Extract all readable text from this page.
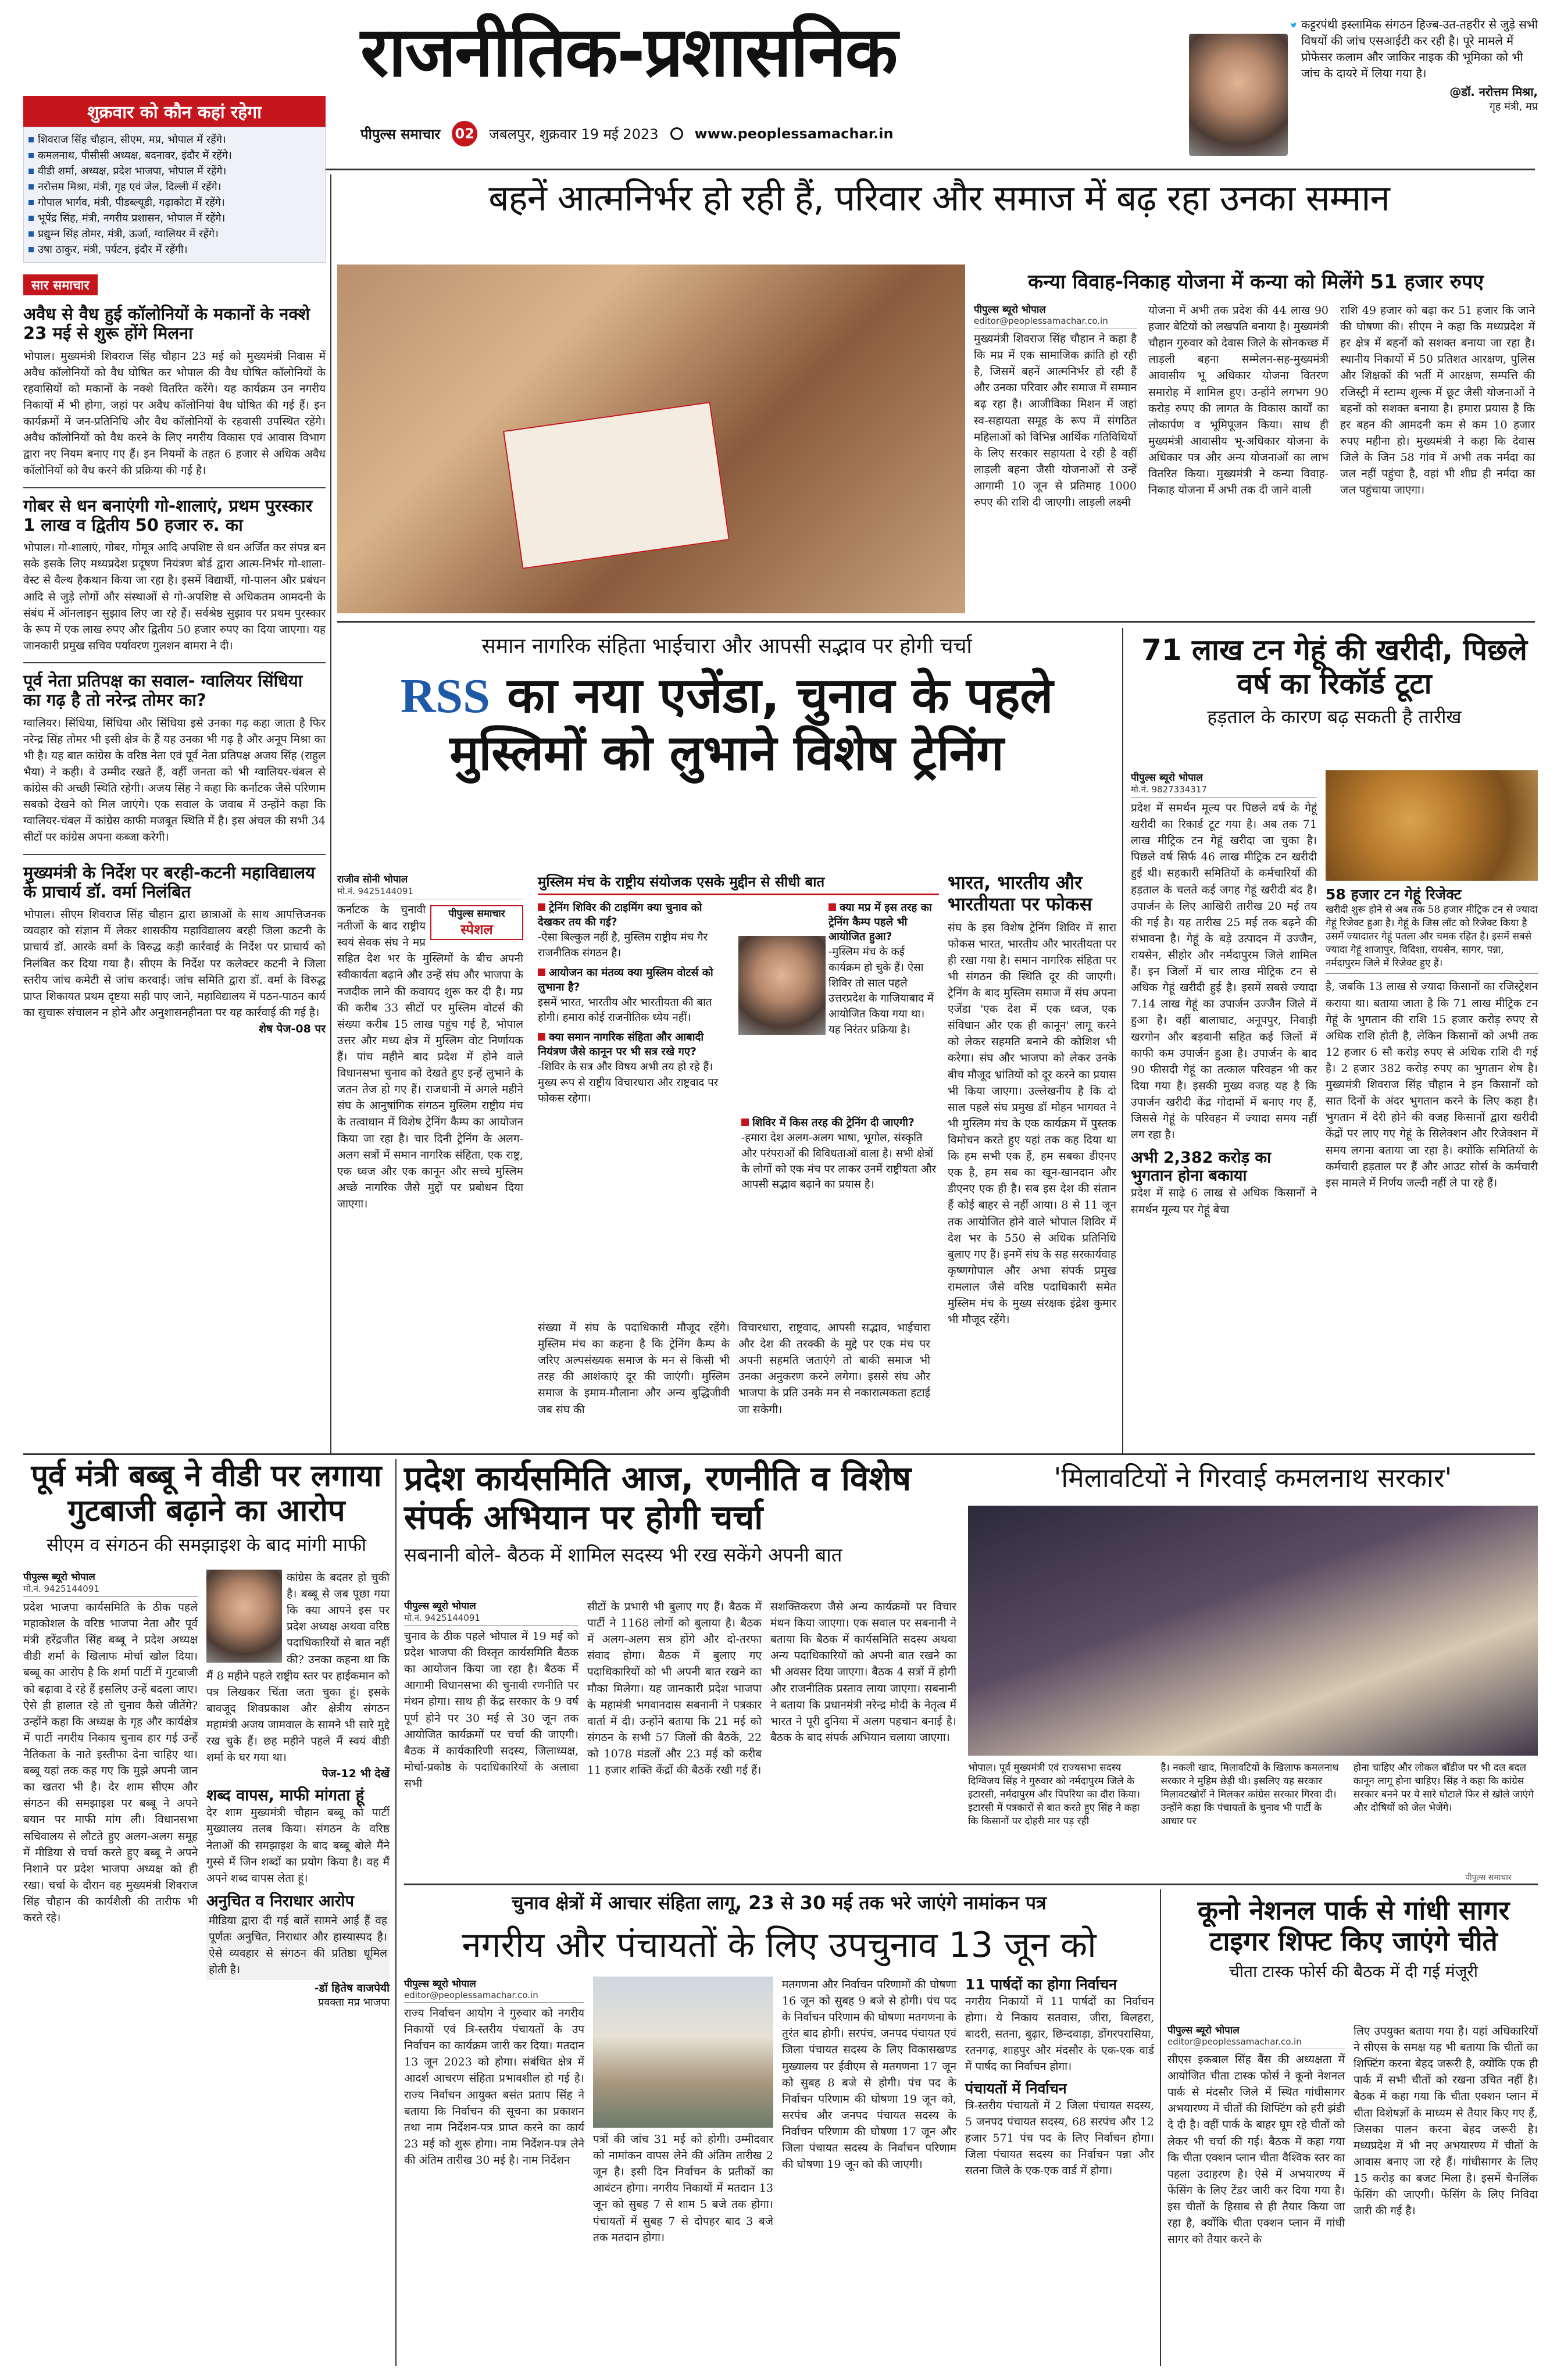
राजनीतिक-प्रशासनिक
पीपुल्स समाचार 02 जबलपुर, शुक्रवार 19 मई 2023	www.peoplessamachar.in
कट्टरपंथी इस्लामिक संगठन हिज्ब-उत-तहरीर से जुड़े सभी विषयों की जांच एसआईटी कर रही है। पूरे मामले में प्रोफेसर कलाम और जाकिर नाइक की भूमिका को भी जांच के दायरे में लिया गया है।
@डॉ. नरोत्तम मिश्रा,
गृह मंत्री, मप्र
शुक्रवार को कौन कहां रहेगा
शिवराज सिंह चौहान, सीएम, मप्र, भोपाल में रहेंगे।
कमलनाथ, पीसीसी अध्यक्ष, बदनावर, इंदौर में रहेंगे।
वीडी शर्मा, अध्यक्ष, प्रदेश भाजपा, भोपाल में रहेंगे।
नरोत्तम मिश्रा, मंत्री, गृह एवं जेल, दिल्ली में रहेंगे।
गोपाल भार्गव, मंत्री, पीडब्ल्यूडी, गढ़ाकोटा में रहेंगे।
भूपेंद्र सिंह, मंत्री, नगरीय प्रशासन, भोपाल में रहेंगे।
प्रद्युम्न सिंह तोमर, मंत्री, ऊर्जा, ग्वालियर में रहेंगे।
उषा ठाकुर, मंत्री, पर्यटन, इंदौर में रहेंगी।
सार समाचार
अवैध से वैध हुई कॉलोनियों के मकानों के नक्शे 23 मई से शुरू होंगे मिलना
भोपाल। मुख्यमंत्री शिवराज सिंह चौहान 23 मई को मुख्यमंत्री निवास में अवैध कॉलोनियों को वैध घोषित कर भोपाल की वैध घोषित कॉलोनियों के रहवासियों को मकानों के नक्शे वितरित करेंगे। यह कार्यक्रम उन नगरीय निकायों में भी होगा, जहां पर अवैध कॉलोनियां वैध घोषित की गई हैं। इन कार्यक्रमों में जन-प्रतिनिधि और वैध कॉलोनियों के रहवासी उपस्थित रहेंगे। अवैध कॉलोनियों को वैध करने के लिए नगरीय विकास एवं आवास विभाग द्वारा नए नियम बनाए गए हैं। इन नियमों के तहत 6 हजार से अधिक अवैध कॉलोनियों को वैध करने की प्रक्रिया की गई है।
गोबर से धन बनाएंगी गो-शालाएं, प्रथम पुरस्कार 1 लाख व द्वितीय 50 हजार रु. का
भोपाल। गो-शालाएं, गोबर, गोमूत्र आदि अपशिष्ट से धन अर्जित कर संपन्न बन सके इसके लिए मध्यप्रदेश प्रदूषण नियंत्रण बोर्ड द्वारा आत्म-निर्भर गो-शाला-वेस्ट से वैल्थ हैकथान किया जा रहा है। इसमें विद्यार्थी, गो-पालन और प्रबंधन आदि से जुड़े लोगों और संस्थाओं से गो-अपशिष्ट से अधिकतम आमदनी के संबंध में ऑनलाइन सुझाव लिए जा रहे हैं। सर्वश्रेष्ठ सुझाव पर प्रथम पुरस्कार के रूप में एक लाख रुपए और द्वितीय 50 हजार रुपए का दिया जाएगा। यह जानकारी प्रमुख सचिव पर्यावरण गुलशन बामरा ने दी।
पूर्व नेता प्रतिपक्ष का सवाल- ग्वालियर सिंधिया का गढ़ है तो नरेन्द्र तोमर का?
ग्वालियर। सिंधिया, सिंधिया और सिंधिया इसे उनका गढ़ कहा जाता है फिर नरेन्द्र सिंह तोमर भी इसी क्षेत्र के हैं यह उनका भी गढ़ है और अनूप मिश्रा का भी है। यह बात कांग्रेस के वरिष्ठ नेता एवं पूर्व नेता प्रतिपक्ष अजय सिंह (राहुल भैया) ने कही। वे उम्मीद रखते हैं, वहीं जनता को भी ग्वालियर-चंबल से कांग्रेस की अच्छी स्थिति रहेगी। अजय सिंह ने कहा कि कर्नाटक जैसे परिणाम सबको देखने को मिल जाएंगे। एक सवाल के जवाब में उन्होंने कहा कि ग्वालियर-चंबल में कांग्रेस काफी मजबूत स्थिति में है। इस अंचल की सभी 34 सीटों पर कांग्रेस अपना कब्जा करेगी।
मुख्यमंत्री के निर्देश पर बरही-कटनी महाविद्यालय के प्राचार्य डॉ. वर्मा निलंबित
भोपाल। सीएम शिवराज सिंह चौहान द्वारा छात्राओं के साथ आपत्तिजनक व्यवहार को संज्ञान में लेकर शासकीय महाविद्यालय बरही जिला कटनी के प्राचार्य डॉ. आरके वर्मा के विरुद्ध कड़ी कार्रवाई के निर्देश पर प्राचार्य को निलंबित कर दिया गया है। सीएम के निर्देश पर कलेक्टर कटनी ने जिला स्तरीय जांच कमेटी से जांच करवाई। जांच समिति द्वारा डॉ. वर्मा के विरुद्ध प्राप्त शिकायत प्रथम दृष्टया सही पाए जाने, महाविद्यालय में पठन-पाठन कार्य का सुचारू संचालन न होने और अनुशासनहीनता पर यह कार्रवाई की गई है।
शेष पेज-08 पर
बहनें आत्मनिर्भर हो रही हैं, परिवार और समाज में बढ़ रहा उनका सम्मान
कन्या विवाह-निकाह योजना में कन्या को मिलेंगे 51 हजार रुपए
पीपुल्स ब्यूरो भोपाल
editor@peoplessamachar.co.in
मुख्यमंत्री शिवराज सिंह चौहान ने कहा है कि मप्र में एक सामाजिक क्रांति हो रही है, जिसमें बहनें आत्मनिर्भर हो रही हैं और उनका परिवार और समाज में सम्मान बढ़ रहा है। आजीविका मिशन में जहां स्व-सहायता समूह के रूप में संगठित महिलाओं को विभिन्न आर्थिक गतिविधियों के लिए सरकार सहायता दे रही है वहीं लाड़ली बहना जैसी योजनाओं से उन्हें आगामी 10 जून से प्रतिमाह 1000 रुपए की राशि दी जाएगी। लाड़ली लक्ष्मी
योजना में अभी तक प्रदेश की 44 लाख 90 हजार बेटियों को लखपति बनाया है। मुख्यमंत्री चौहान गुरुवार को देवास जिले के सोनकच्छ में लाड़ली बहना सम्मेलन-सह-मुख्यमंत्री आवासीय भू अधिकार योजना वितरण समारोह में शामिल हुए। उन्होंने लगभग 90 करोड़ रुपए की लागत के विकास कार्यों का लोकार्पण व भूमिपूजन किया। साथ ही मुख्यमंत्री आवासीय भू-अधिकार योजना के अधिकार पत्र और अन्य योजनाओं का लाभ वितरित किया। मुख्यमंत्री ने कन्या विवाह-निकाह योजना में अभी तक दी जाने वाली
राशि 49 हजार को बढ़ा कर 51 हजार कि जाने की घोषणा की। सीएम ने कहा कि मध्यप्रदेश में हर क्षेत्र में बहनों को सशक्त बनाया जा रहा है। स्थानीय निकायों में 50 प्रतिशत आरक्षण, पुलिस और शिक्षकों की भर्ती में आरक्षण, सम्पत्ति की रजिस्ट्री में स्टाम्प शुल्क में छूट जैसी योजनाओं ने बहनों को सशक्त बनाया है। हमारा प्रयास है कि हर बहन की आमदनी कम से कम 10 हजार रुपए महीना हो। मुख्यमंत्री ने कहा कि देवास जिले के जिन 58 गांव में अभी तक नर्मदा का जल नहीं पहुंचा है, वहां भी शीघ्र ही नर्मदा का जल पहुंचाया जाएगा।
समान नागरिक संहिता भाईचारा और आपसी सद्भाव पर होगी चर्चा
RSS का नया एजेंडा, चुनाव के पहले मुस्लिमों को लुभाने विशेष ट्रेनिंग
राजीव सोनी भोपाल
मो.नं. 9425144091
पीपुल्स समाचार
स्पेशल
कर्नाटक के चुनावी नतीजों के बाद राष्ट्रीय स्वयं सेवक संघ ने मप्र सहित देश भर के मुस्लिमों के बीच अपनी स्वीकार्यता बढ़ाने और उन्हें संघ और भाजपा के नजदीक लाने की कवायद शुरू कर दी है। मप्र की करीब 33 सीटों पर मुस्लिम वोटर्स की संख्या करीब 15 लाख पहुंच गई है, भोपाल उत्तर और मध्य क्षेत्र में मुस्लिम वोट निर्णायक हैं। पांच महीने बाद प्रदेश में होने वाले विधानसभा चुनाव को देखते हुए इन्हें लुभाने के जतन तेज हो गए हैं। राजधानी में अगले महीने संघ के आनुषांगिक संगठन मुस्लिम राष्ट्रीय मंच के तत्वाधान में विशेष ट्रेनिंग कैम्प का आयोजन किया जा रहा है। चार दिनी ट्रेनिंग के अलग-अलग सत्रों में समान नागरिक संहिता, एक राष्ट्र, एक ध्वज और एक कानून और सच्चे मुस्लिम अच्छे नागरिक जैसे मुद्दों पर प्रबोधन दिया जाएगा।
मुस्लिम मंच के राष्ट्रीय संयोजक एसके मुद्दीन से सीधी बात
ट्रेनिंग शिविर की टाइमिंग क्या चुनाव को देखकर तय की गई?
-ऐसा बिल्कुल नहीं है, मुस्लिम राष्ट्रीय मंच गैर राजनीतिक संगठन है।
आयोजन का मंतव्य क्या मुस्लिम वोटर्स को लुभाना है?
इसमें भारत, भारतीय और भारतीयता की बात होगी। हमारा कोई राजनीतिक ध्येय नहीं।
क्या समान नागरिक संहिता और आबादी नियंत्रण जैसे कानून पर भी सत्र रखे गए?
-शिविर के सत्र और विषय अभी तय हो रहे हैं। मुख्य रूप से राष्ट्रीय विचारधारा और राष्ट्रवाद पर फोकस रहेगा।
क्या मप्र में इस तरह का ट्रेनिंग कैम्प पहले भी आयोजित हुआ?
-मुस्लिम मंच के कई कार्यक्रम हो चुके हैं। ऐसा शिविर तो साल पहले उत्तरप्रदेश के गाजियाबाद में आयोजित किया गया था। यह निरंतर प्रक्रिया है।
शिविर में किस तरह की ट्रेनिंग दी जाएगी?
-हमारा देश अलग-अलग भाषा, भूगोल, संस्कृति और परंपराओं की विविधताओं वाला है। सभी क्षेत्रों के लोगों को एक मंच पर लाकर उनमें राष्ट्रीयता और आपसी सद्भाव बढ़ाने का प्रयास है।
संख्या में संघ के पदाधिकारी मौजूद रहेंगे। मुस्लिम मंच का कहना है कि ट्रेनिंग कैम्प के जरिए अल्पसंख्यक समाज के मन से किसी भी तरह की आशंकाएं दूर की जाएंगी। मुस्लिम समाज के इमाम-मौलाना और अन्य बुद्धिजीवी जब संघ की
विचारधारा, राष्ट्रवाद, आपसी सद्भाव, भाईचारा और देश की तरक्की के मुद्दे पर एक मंच पर अपनी सहमति जताएंगे तो बाकी समाज भी उनका अनुकरण करने लगेगा। इससे संघ और भाजपा के प्रति उनके मन से नकारात्मकता हटाई जा सकेगी।
भारत, भारतीय और भारतीयता पर फोकस
संघ के इस विशेष ट्रेनिंग शिविर में सारा फोकस भारत, भारतीय और भारतीयता पर ही रखा गया है। समान नागरिक संहिता पर भी संगठन की स्थिति दूर की जाएगी। ट्रेनिंग के बाद मुस्लिम समाज में संघ अपना एजेंडा 'एक देश में एक ध्वज, एक संविधान और एक ही कानून' लागू करने को लेकर सहमति बनाने की कोशिश भी करेगा। संघ और भाजपा को लेकर उनके बीच मौजूद भ्रांतियों को दूर करने का प्रयास भी किया जाएगा। उल्लेखनीय है कि दो साल पहले संघ प्रमुख डॉ मोहन भागवत ने भी मुस्लिम मंच के एक कार्यक्रम में पुस्तक विमोचन करते हुए यहां तक कह दिया था कि हम सभी एक हैं, हम सबका डीएनए एक है, हम सब का खून-खानदान और डीएनए एक ही है। सब इस देश की संतान हैं कोई बाहर से नहीं आया। 8 से 11 जून तक आयोजित होने वाले भोपाल शिविर में देश भर के 550 से अधिक प्रतिनिधि बुलाए गए हैं। इनमें संघ के सह सरकार्यवाह कृष्णगोपाल और अभा संपर्क प्रमुख रामलाल जैसे वरिष्ठ पदाधिकारी समेत मुस्लिम मंच के मुख्य संरक्षक इंद्रेश कुमार भी मौजूद रहेंगे।
71 लाख टन गेहूं की खरीदी, पिछले वर्ष का रिकॉर्ड टूटा
हड़ताल के कारण बढ़ सकती है तारीख
पीपुल्स ब्यूरो भोपाल
मो.नं. 9827334317
प्रदेश में समर्थन मूल्य पर पिछले वर्ष के गेहूं खरीदी का रिकार्ड टूट गया है। अब तक 71 लाख मीट्रिक टन गेहूं खरीदा जा चुका है। पिछले वर्ष सिर्फ 46 लाख मीट्रिक टन खरीदी हुई थी। सहकारी समितियों के कर्मचारियों की हड़ताल के चलते कई जगह गेहूं खरीदी बंद है। उपार्जन के लिए आखिरी तारीख 20 मई तय की गई है। यह तारीख 25 मई तक बढ़ने की संभावना है। गेहूं के बड़े उत्पादन में उज्जैन, रायसेन, सीहोर और नर्मदापुरम जिले शामिल हैं। इन जिलों में चार लाख मीट्रिक टन से अधिक गेहूं खरीदी हुई है। इसमें सबसे ज्यादा 7.14 लाख गेहूं का उपार्जन उज्जैन जिले में हुआ है। वहीं बालाघाट, अनूपपुर, निवाड़ी खरगोन और बड़वानी सहित कई जिलों में काफी कम उपार्जन हुआ है। उपार्जन के बाद 90 फीसदी गेहूं का तत्काल परिवहन भी कर दिया गया है। इसकी मुख्य वजह यह है कि उपार्जन खरीदी केंद्र गोदामों में बनाए गए हैं, जिससे गेहूं के परिवहन में ज्यादा समय नहीं लग रहा है।
अभी 2,382 करोड़ का भुगतान होना बकाया
प्रदेश में साढ़े 6 लाख से अधिक किसानों ने समर्थन मूल्य पर गेहूं बेचा
58 हजार टन गेहूं रिजेक्ट
खरीदी शुरू होने से अब तक 58 हजार मीट्रिक टन से ज्यादा गेहूं रिजेक्ट हुआ है। गेहूं के जिस लॉट को रिजेक्ट किया है उसमें ज्यादातर गेहूं पतला और चमक रहित है। इसमें सबसे ज्यादा गेहूं शाजापुर, विदिशा, रायसेन, सागर, पन्ना, नर्मदापुरम जिले में रिजेक्ट हुए हैं।
है, जबकि 13 लाख से ज्यादा किसानों का रजिस्ट्रेशन कराया था। बताया जाता है कि 71 लाख मीट्रिक टन गेहूं के भुगतान की राशि 15 हजार करोड़ रुपए से अधिक राशि होती है, लेकिन किसानों को अभी तक 12 हजार 6 सौ करोड़ रुपए से अधिक राशि दी गई है। 2 हजार 382 करोड़ रुपए का भुगतान शेष है। मुख्यमंत्री शिवराज सिंह चौहान ने इन किसानों को सात दिनों के अंदर भुगतान करने के लिए कहा है। भुगतान में देरी होने की वजह किसानों द्वारा खरीदी केंद्रों पर लाए गए गेहूं के सिलेक्शन और रिजेक्शन में समय लगना बताया जा रहा है। क्योंकि समितियों के कर्मचारी हड़ताल पर हैं और आउट सोर्स के कर्मचारी इस मामले में निर्णय जल्दी नहीं ले पा रहे हैं।
पूर्व मंत्री बब्बू ने वीडी पर लगाया गुटबाजी बढ़ाने का आरोप
सीएम व संगठन की समझाइश के बाद मांगी माफी
पीपुल्स ब्यूरो भोपाल
मो.नं. 9425144091
प्रदेश भाजपा कार्यसमिति के ठीक पहले महाकोशल के वरिष्ठ भाजपा नेता और पूर्व मंत्री हरेंद्रजीत सिंह बब्बू ने प्रदेश अध्यक्ष वीडी शर्मा के खिलाफ मोर्चा खोल दिया। बब्बू का आरोप है कि शर्मा पार्टी में गुटबाजी को बढ़ावा दे रहे हैं इसलिए उन्हें बदला जाए। ऐसे ही हालात रहे तो चुनाव कैसे जीतेंगे? उन्होंने कहा कि अध्यक्ष के गृह और कार्यक्षेत्र में पार्टी नगरीय निकाय चुनाव हार गई उन्हें नैतिकता के नाते इस्तीफा देना चाहिए था। बब्बू यहां तक कह गए कि मुझे अपनी जान का खतरा भी है। देर शाम सीएम और संगठन की समझाइश पर बब्बू ने अपने बयान पर माफी मांग ली। विधानसभा सचिवालय से लौटते हुए अलग-अलग समूह में मीडिया से चर्चा करते हुए बब्बू ने अपने निशाने पर प्रदेश भाजपा अध्यक्ष को ही रखा। चर्चा के दौरान वह मुख्यमंत्री शिवराज सिंह चौहान की कार्यशैली की तारीफ भी करते रहे।
कांग्रेस के बदतर हो चुकी है। बब्बू से जब पूछा गया कि क्या आपने इस पर प्रदेश अध्यक्ष अथवा वरिष्ठ पदाधिकारियों से बात नहीं की? उनका कहना था कि मैं 8 महीने पहले राष्ट्रीय स्तर पर हाईकमान को पत्र लिखकर चिंता जता चुका हूं। इसके बावजूद शिवप्रकाश और क्षेत्रीय संगठन महामंत्री अजय जामवाल के सामने भी सारे मुद्दे रख चुके हैं। छह महीने पहले मैं स्वयं वीडी शर्मा के घर गया था।
पेज-12 भी देखें
शब्द वापस, माफी मांगता हूं
देर शाम मुख्यमंत्री चौहान बब्बू को पार्टी मुख्यालय तलब किया। संगठन के वरिष्ठ नेताओं की समझाइश के बाद बब्बू बोले मैंने गुस्से में जिन शब्दों का प्रयोग किया है। वह मैं अपने शब्द वापस लेता हूं।
अनुचित व निराधार आरोप
मीडिया द्वारा दी गई बातें सामने आईं हैं वह पूर्णतः अनुचित, निराधार और हास्यास्पद है। ऐसे व्यवहार से संगठन की प्रतिष्ठा धूमिल होती है।
-डॉ हितेष वाजपेयी
प्रवक्ता मप्र भाजपा
प्रदेश कार्यसमिति आज, रणनीति व विशेष संपर्क अभियान पर होगी चर्चा
सबनानी बोले- बैठक में शामिल सदस्य भी रख सकेंगे अपनी बात
पीपुल्स ब्यूरो भोपाल
मो.नं. 9425144091
चुनाव के ठीक पहले भोपाल में 19 मई को प्रदेश भाजपा की विस्तृत कार्यसमिति बैठक का आयोजन किया जा रहा है। बैठक में आगामी विधानसभा की चुनावी रणनीति पर मंथन होगा। साथ ही केंद्र सरकार के 9 वर्ष पूर्ण होने पर 30 मई से 30 जून तक आयोजित कार्यक्रमों पर चर्चा की जाएगी। बैठक में कार्यकारिणी सदस्य, जिलाध्यक्ष, मोर्चा-प्रकोष्ठ के पदाधिकारियों के अलावा सभी
सीटों के प्रभारी भी बुलाए गए हैं। बैठक में पार्टी ने 1168 लोगों को बुलाया है। बैठक में अलग-अलग सत्र होंगे और दो-तरफा संवाद होगा। बैठक में बुलाए गए पदाधिकारियों को भी अपनी बात रखने का मौका मिलेगा। यह जानकारी प्रदेश भाजपा के महामंत्री भगवानदास सबनानी ने पत्रकार वार्ता में दी। उन्होंने बताया कि 21 मई को संगठन के सभी 57 जिलों की बैठकें, 22 को 1078 मंडलों और 23 मई को करीब 11 हजार शक्ति केंद्रों की बैठकें रखी गई हैं।
सशक्तिकरण जैसे अन्य कार्यक्रमों पर विचार मंथन किया जाएगा। एक सवाल पर सबनानी ने बताया कि बैठक में कार्यसमिति सदस्य अथवा अन्य पदाधिकारियों को अपनी बात रखने का भी अवसर दिया जाएगा। बैठक 4 सत्रों में होगी और राजनीतिक प्रस्ताव लाया जाएगा। सबनानी ने बताया कि प्रधानमंत्री नरेन्द्र मोदी के नेतृत्व में भारत ने पूरी दुनिया में अलग पहचान बनाई है। बैठक के बाद संपर्क अभियान चलाया जाएगा।
'मिलावटियों ने गिरवाई कमलनाथ सरकार'
भोपाल। पूर्व मुख्यमंत्री एवं राज्यसभा सदस्य दिग्विजय सिंह ने गुरुवार को नर्मदापुरम जिले के इटारसी, नर्मदापुरम और पिपरिया का दौरा किया। इटारसी में पत्रकारों से बात करते हुए सिंह ने कहा कि किसानों पर दोहरी मार पड़ रही
है। नकली खाद, मिलावटियों के खिलाफ कमलनाथ सरकार ने मुहिम छेड़ी थी। इसलिए यह सरकार मिलावटखोरों ने मिलकर कांग्रेस सरकार गिरवा दी। उन्होंने कहा कि पंचायतों के चुनाव भी पार्टी के आधार पर
होना चाहिए और लोकल बॉडीज पर भी दल बदल कानून लागू होना चाहिए। सिंह ने कहा कि कांग्रेस सरकार बनने पर ये सारे घोटाले फिर से खोले जाएंगे और दोषियों को जेल भेजेंगे।
पीपुल्स समाचार
चुनाव क्षेत्रों में आचार संहिता लागू, 23 से 30 मई तक भरे जाएंगे नामांकन पत्र
नगरीय और पंचायतों के लिए उपचुनाव 13 जून को
पीपुल्स ब्यूरो भोपाल
editor@peoplessamachar.co.in
राज्य निर्वाचन आयोग ने गुरुवार को नगरीय निकायों एवं त्रि-स्तरीय पंचायतों के उप निर्वाचन का कार्यक्रम जारी कर दिया। मतदान 13 जून 2023 को होगा। संबंधित क्षेत्र में आदर्श आचरण संहिता प्रभावशील हो गई है। राज्य निर्वाचन आयुक्त बसंत प्रताप सिंह ने बताया कि निर्वाचन की सूचना का प्रकाशन तथा नाम निर्देशन-पत्र प्राप्त करने का कार्य 23 मई को शुरू होगा। नाम निर्देशन-पत्र लेने की अंतिम तारीख 30 मई है। नाम निर्देशन
पत्रों की जांच 31 मई को होगी। उम्मीदवार को नामांकन वापस लेने की अंतिम तारीख 2 जून है। इसी दिन निर्वाचन के प्रतीकों का आवंटन होगा। नगरीय निकायों में मतदान 13 जून को सुबह 7 से शाम 5 बजे तक होगा। पंचायतों में सुबह 7 से दोपहर बाद 3 बजे तक मतदान होगा।
मतगणना और निर्वाचन परिणामों की घोषणा 16 जून को सुबह 9 बजे से होगी। पंच पद के निर्वाचन परिणाम की घोषणा मतगणना के तुरंत बाद होगी। सरपंच, जनपद पंचायत एवं जिला पंचायत सदस्य के लिए विकासखण्ड मुख्यालय पर ईवीएम से मतगणना 17 जून को सुबह 8 बजे से होगी। पंच पद के निर्वाचन परिणाम की घोषणा 19 जून को, सरपंच और जनपद पंचायत सदस्य के निर्वाचन परिणाम की घोषणा 17 जून और जिला पंचायत सदस्य के निर्वाचन परिणाम की घोषणा 19 जून को की जाएगी।
11 पार्षदों का होगा निर्वाचन
नगरीय निकायों में 11 पार्षदों का निर्वाचन होगा। ये निकाय सतवास, जीरा, बिलहरा, बादरी, सतना, बुढ़ार, छिन्दवाड़ा, डोंगरपरासिया, रतनगढ़, शाहपुर और मंदसौर के एक-एक वार्ड में पार्षद का निर्वाचन होगा।
पंचायतों में निर्वाचन
त्रि-स्तरीय पंचायतों में 2 जिला पंचायत सदस्य, 5 जनपद पंचायत सदस्य, 68 सरपंच और 12 हजार 571 पंच पद के लिए निर्वाचन होगा। जिला पंचायत सदस्य का निर्वाचन पन्ना और सतना जिले के एक-एक वार्ड में होगा।
कूनो नेशनल पार्क से गांधी सागर टाइगर शिफ्ट किए जाएंगे चीते
चीता टास्क फोर्स की बैठक में दी गई मंजूरी
पीपुल्स ब्यूरो भोपाल
editor@peoplessamachar.co.in
सीएस इकबाल सिंह बैंस की अध्यक्षता में आयोजित चीता टास्क फोर्स ने कूनो नेशनल पार्क से मंदसौर जिले में स्थित गांधीसागर अभयारण्य में चीतों की शिफ्टिंग को हरी झंडी दे दी है। वहीं पार्क के बाहर घूम रहे चीतों को लेकर भी चर्चा की गई। बैठक में कहा गया कि चीता एक्शन प्लान चीता वैश्विक स्तर का पहला उदाहरण है। ऐसे में अभयारण्य में फेंसिंग के लिए टेंडर जारी कर दिया गया है। इस चीतों के हिसाब से ही तैयार किया जा रहा है, क्योंकि चीता एक्शन प्लान में गांधी सागर को तैयार करने के
लिए उपयुक्त बताया गया है। यहां अधिकारियों ने सीएस के समक्ष यह भी बताया कि चीतों का शिफ्टिंग करना बेहद जरूरी है, क्योंकि एक ही पार्क में सभी चीतों को रखना उचित नहीं है। बैठक में कहा गया कि चीता एक्शन प्लान में चीता विशेषज्ञों के माध्यम से तैयार किए गए हैं, जिसका पालन करना बेहद जरूरी है। मध्यप्रदेश में भी नए अभयारण्य में चीतों के आवास बनाए जा रहे हैं। गांधीसागर के लिए 15 करोड़ का बजट मिला है। इसमें चैनलिंक फेंसिंग की जाएगी। फेंसिंग के लिए निविदा जारी की गई है।
